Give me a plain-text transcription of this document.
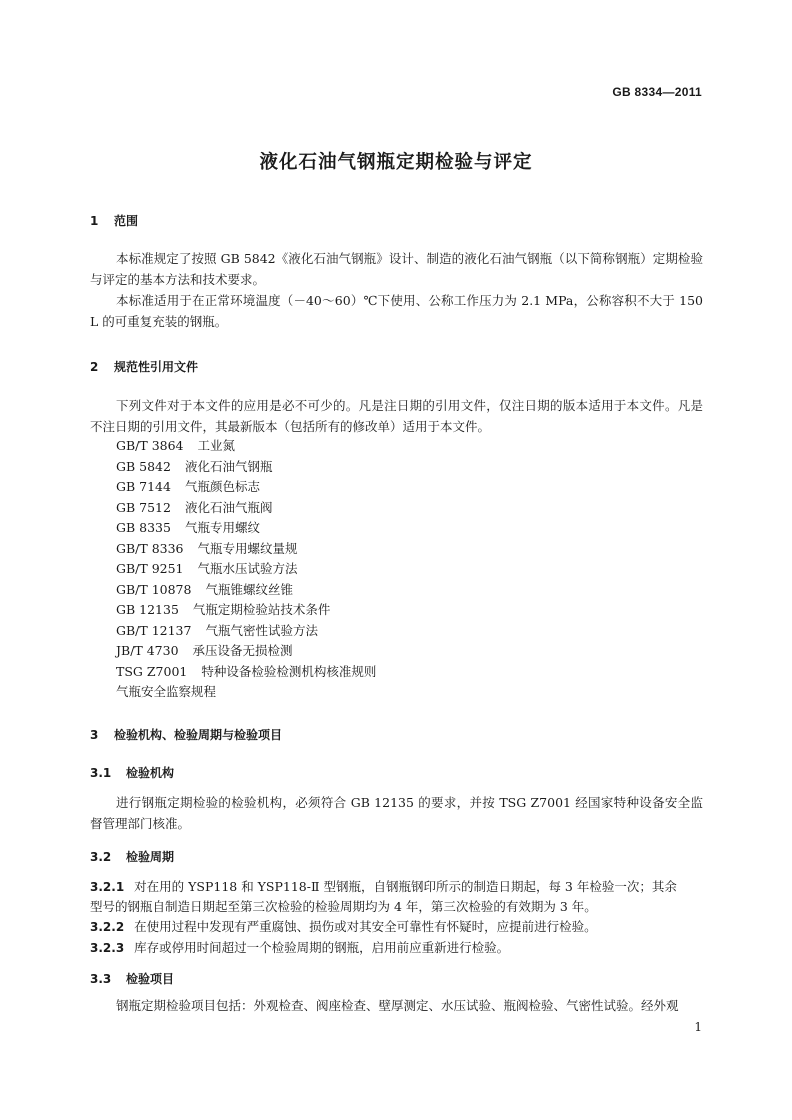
GB 8334—2011
液化石油气钢瓶定期检验与评定
1 范围
本标准规定了按照 GB 5842《液化石油气钢瓶》设计、制造的液化石油气钢瓶（以下简称钢瓶）定期检验与评定的基本方法和技术要求。
本标准适用于在正常环境温度（－40～60）℃下使用、公称工作压力为 2.1 MPa，公称容积不大于 150 L 的可重复充装的钢瓶。
2 规范性引用文件
下列文件对于本文件的应用是必不可少的。凡是注日期的引用文件，仅注日期的版本适用于本文件。凡是不注日期的引用文件，其最新版本（包括所有的修改单）适用于本文件。
GB/T 3864 工业氮
GB 5842 液化石油气钢瓶
GB 7144 气瓶颜色标志
GB 7512 液化石油气瓶阀
GB 8335 气瓶专用螺纹
GB/T 8336 气瓶专用螺纹量规
GB/T 9251 气瓶水压试验方法
GB/T 10878 气瓶锥螺纹丝锥
GB 12135 气瓶定期检验站技术条件
GB/T 12137 气瓶气密性试验方法
JB/T 4730 承压设备无损检测
TSG Z7001 特种设备检验检测机构核准规则
气瓶安全监察规程
3 检验机构、检验周期与检验项目
3.1 检验机构
进行钢瓶定期检验的检验机构，必须符合 GB 12135 的要求，并按 TSG Z7001 经国家特种设备安全监督管理部门核准。
3.2 检验周期
3.2.1 对在用的 YSP118 和 YSP118-Ⅱ 型钢瓶，自钢瓶钢印所示的制造日期起，每 3 年检验一次；其余
型号的钢瓶自制造日期起至第三次检验的检验周期均为 4 年，第三次检验的有效期为 3 年。
3.2.2 在使用过程中发现有严重腐蚀、损伤或对其安全可靠性有怀疑时，应提前进行检验。
3.2.3 库存或停用时间超过一个检验周期的钢瓶，启用前应重新进行检验。
3.3 检验项目
钢瓶定期检验项目包括：外观检查、阀座检查、壁厚测定、水压试验、瓶阀检验、气密性试验。经外观
1
